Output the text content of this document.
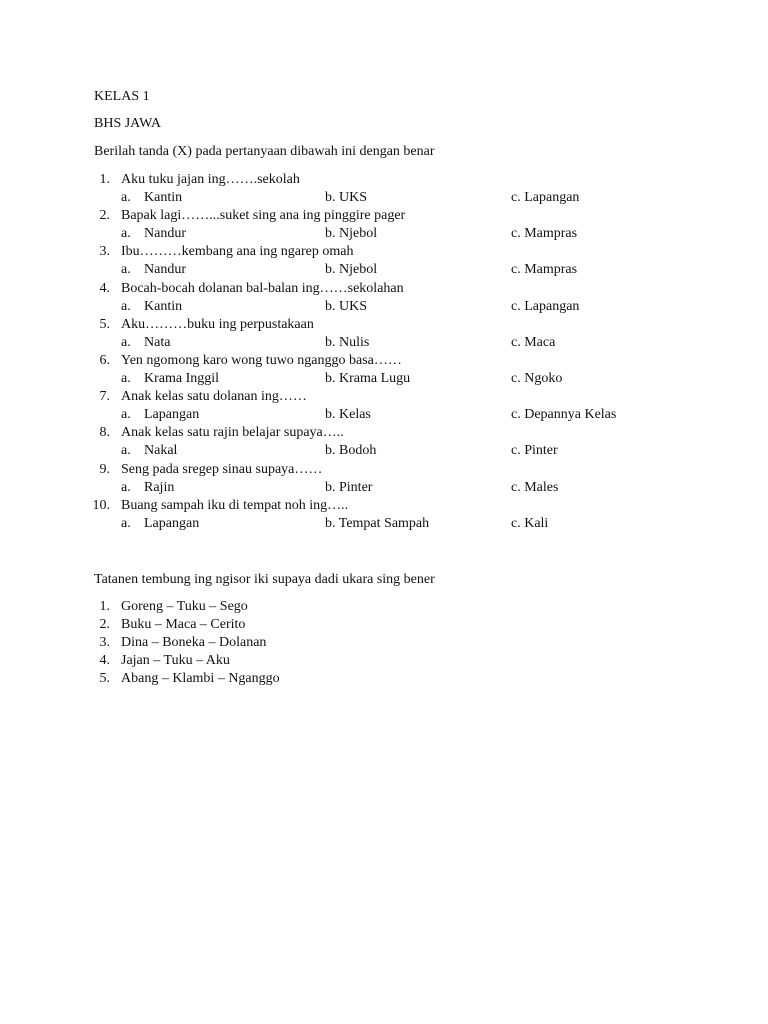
KELAS 1
BHS JAWA
Berilah tanda (X) pada pertanyaan dibawah ini dengan benar
1. Aku tuku jajan ing…….sekolah
a. Kantin	b. UKS	c. Lapangan
2. Bapak lagi……...suket sing ana ing pinggire pager
a. Nandur	b. Njebol	c. Mampras
3. Ibu………kembang ana ing ngarep omah
a. Nandur	b. Njebol	c. Mampras
4. Bocah-bocah dolanan bal-balan ing……sekolahan
a. Kantin	b. UKS	c. Lapangan
5. Aku………buku ing perpustakaan
a. Nata	b. Nulis	c. Maca
6. Yen ngomong karo wong tuwo nganggo basa……
a. Krama Inggil	b. Krama Lugu	c. Ngoko
7. Anak kelas satu dolanan ing……
a. Lapangan	b. Kelas	c. Depannya Kelas
8. Anak kelas satu rajin belajar supaya…..
a. Nakal	b. Bodoh	c. Pinter
9. Seng pada sregep sinau supaya……
a. Rajin	b. Pinter	c. Males
10. Buang sampah iku di tempat noh ing…..
a. Lapangan	b. Tempat Sampah	c. Kali
Tatanen tembung ing ngisor iki supaya dadi ukara sing bener
1. Goreng – Tuku – Sego
2. Buku – Maca – Cerito
3. Dina – Boneka – Dolanan
4. Jajan – Tuku – Aku
5. Abang – Klambi – Nganggo
